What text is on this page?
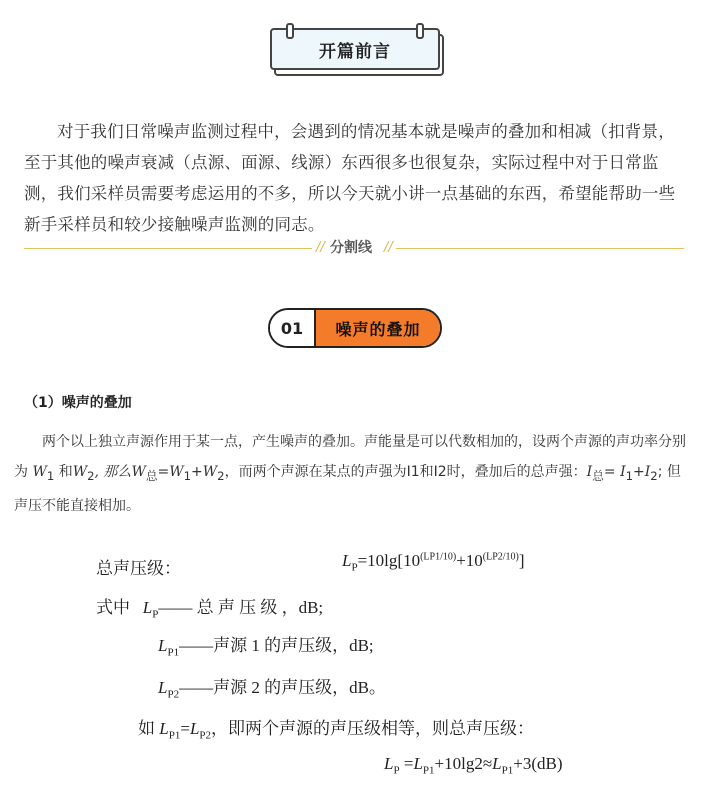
开篇前言

对于我们日常噪声监测过程中，会遇到的情况基本就是噪声的叠加和相减（扣背景，至于其他的噪声衰减（点源、面源、线源）东西很多也很复杂，实际过程中对于日常监测，我们采样员需要考虑运用的不多，所以今天就小讲一点基础的东西，希望能帮助一些新手采样员和较少接触噪声监测的同志。

// 分割线 //
01	噪声的叠加

（1）噪声的叠加

两个以上独立声源作用于某一点，产生噪声的叠加。声能量是可以代数相加的，设两个声源的声功率分别为 $W_1$ 和$W_2$, 那么$W_总=W_1+W_2$，而两个声源在某点的声强为I1和I2时，叠加后的总声强：$I_总= I_1+I_2$; 但声压不能直接相加。

总声压级：	$L_P=10\lg[10^{(LP1/10)}+10^{(LP2/10)}]$
式中 $L_P——$ 总 声 压 级 ，dB;
$L_{P1}——$声源 1 的声压级，dB;
$L_{P2}——$声源 2 的声压级，dB。
如 $L_{P1}=L_{P2}$，即两个声源的声压级相等，则总声压级：
$L_P =L_{P1}+10\lg 2\approx L_{P1}+3(dB)$
